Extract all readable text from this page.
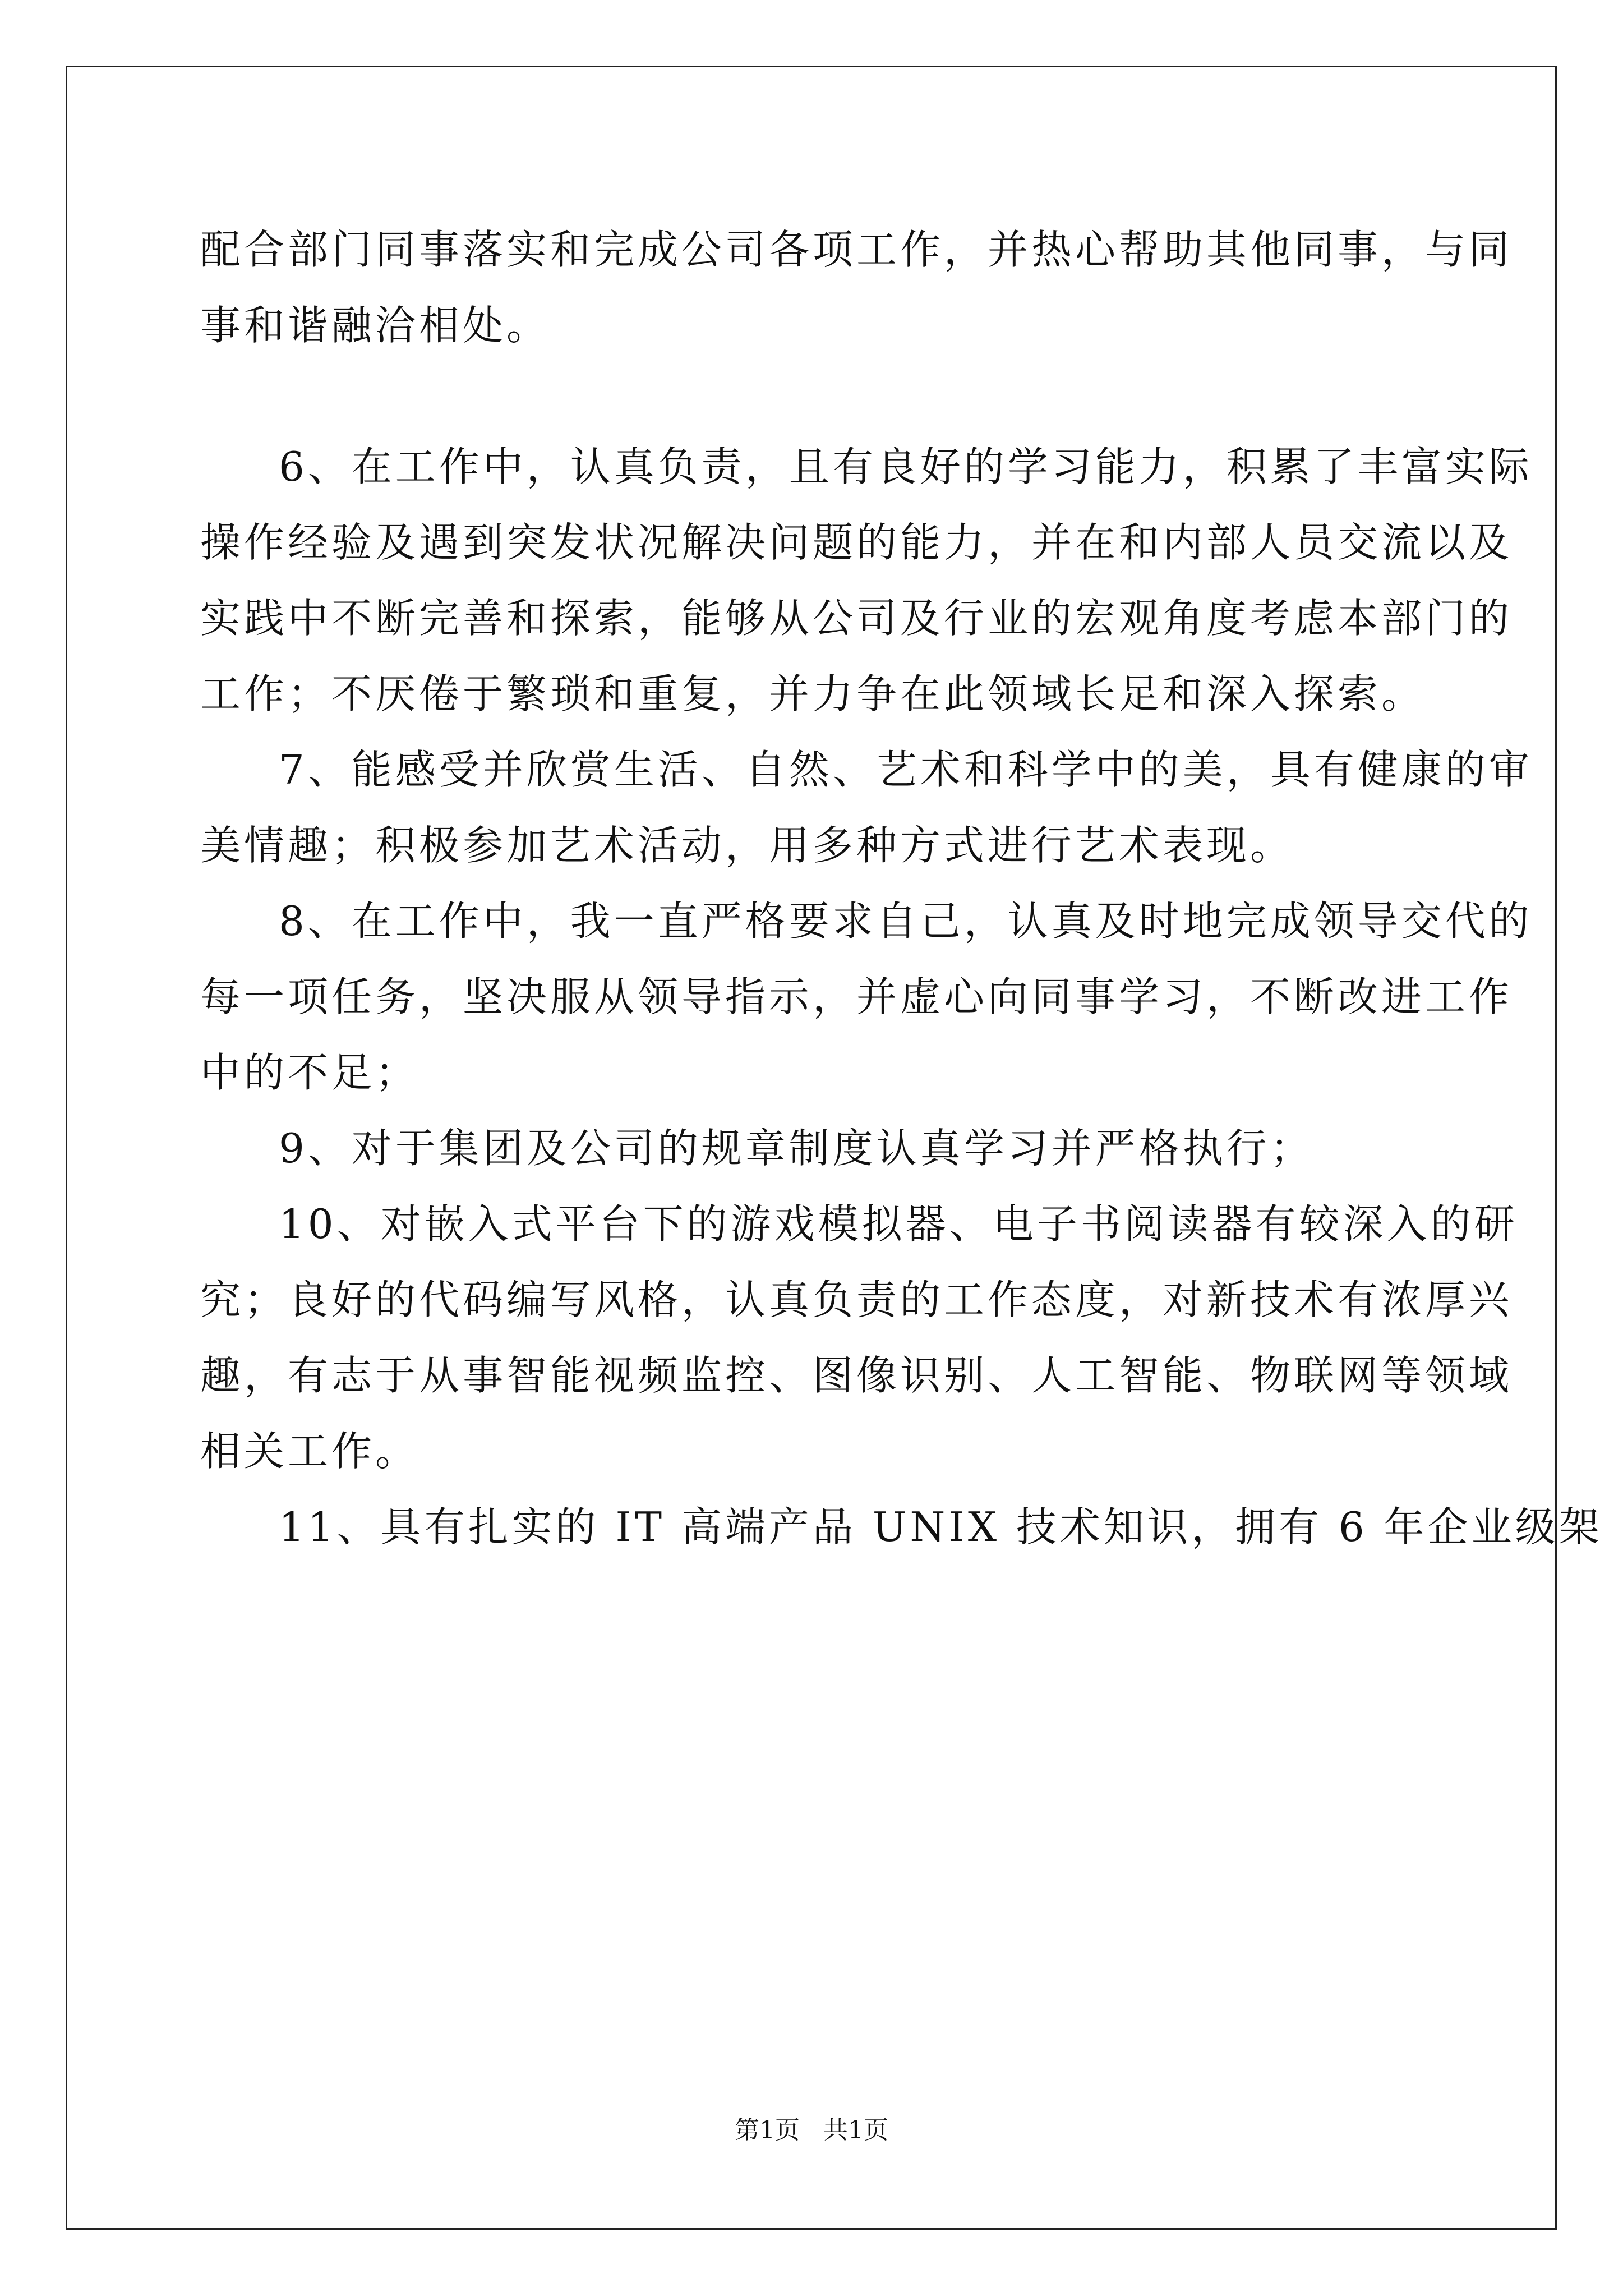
配合部门同事落实和完成公司各项工作，并热心帮助其他同事，与同
事和谐融洽相处。
6、在工作中，认真负责，且有良好的学习能力，积累了丰富实际
操作经验及遇到突发状况解决问题的能力，并在和内部人员交流以及
实践中不断完善和探索，能够从公司及行业的宏观角度考虑本部门的
工作；不厌倦于繁琐和重复，并力争在此领域长足和深入探索。
7、能感受并欣赏生活、自然、艺术和科学中的美，具有健康的审
美情趣；积极参加艺术活动，用多种方式进行艺术表现。
8、在工作中，我一直严格要求自己，认真及时地完成领导交代的
每一项任务，坚决服从领导指示，并虚心向同事学习，不断改进工作
中的不足；
9、对于集团及公司的规章制度认真学习并严格执行；
10、对嵌入式平台下的游戏模拟器、电子书阅读器有较深入的研
究；良好的代码编写风格，认真负责的工作态度，对新技术有浓厚兴
趣，有志于从事智能视频监控、图像识别、人工智能、物联网等领域
相关工作。
11、具有扎实的 IT 高端产品 UNIX 技术知识，拥有 6 年企业级架
第1页   共1页
